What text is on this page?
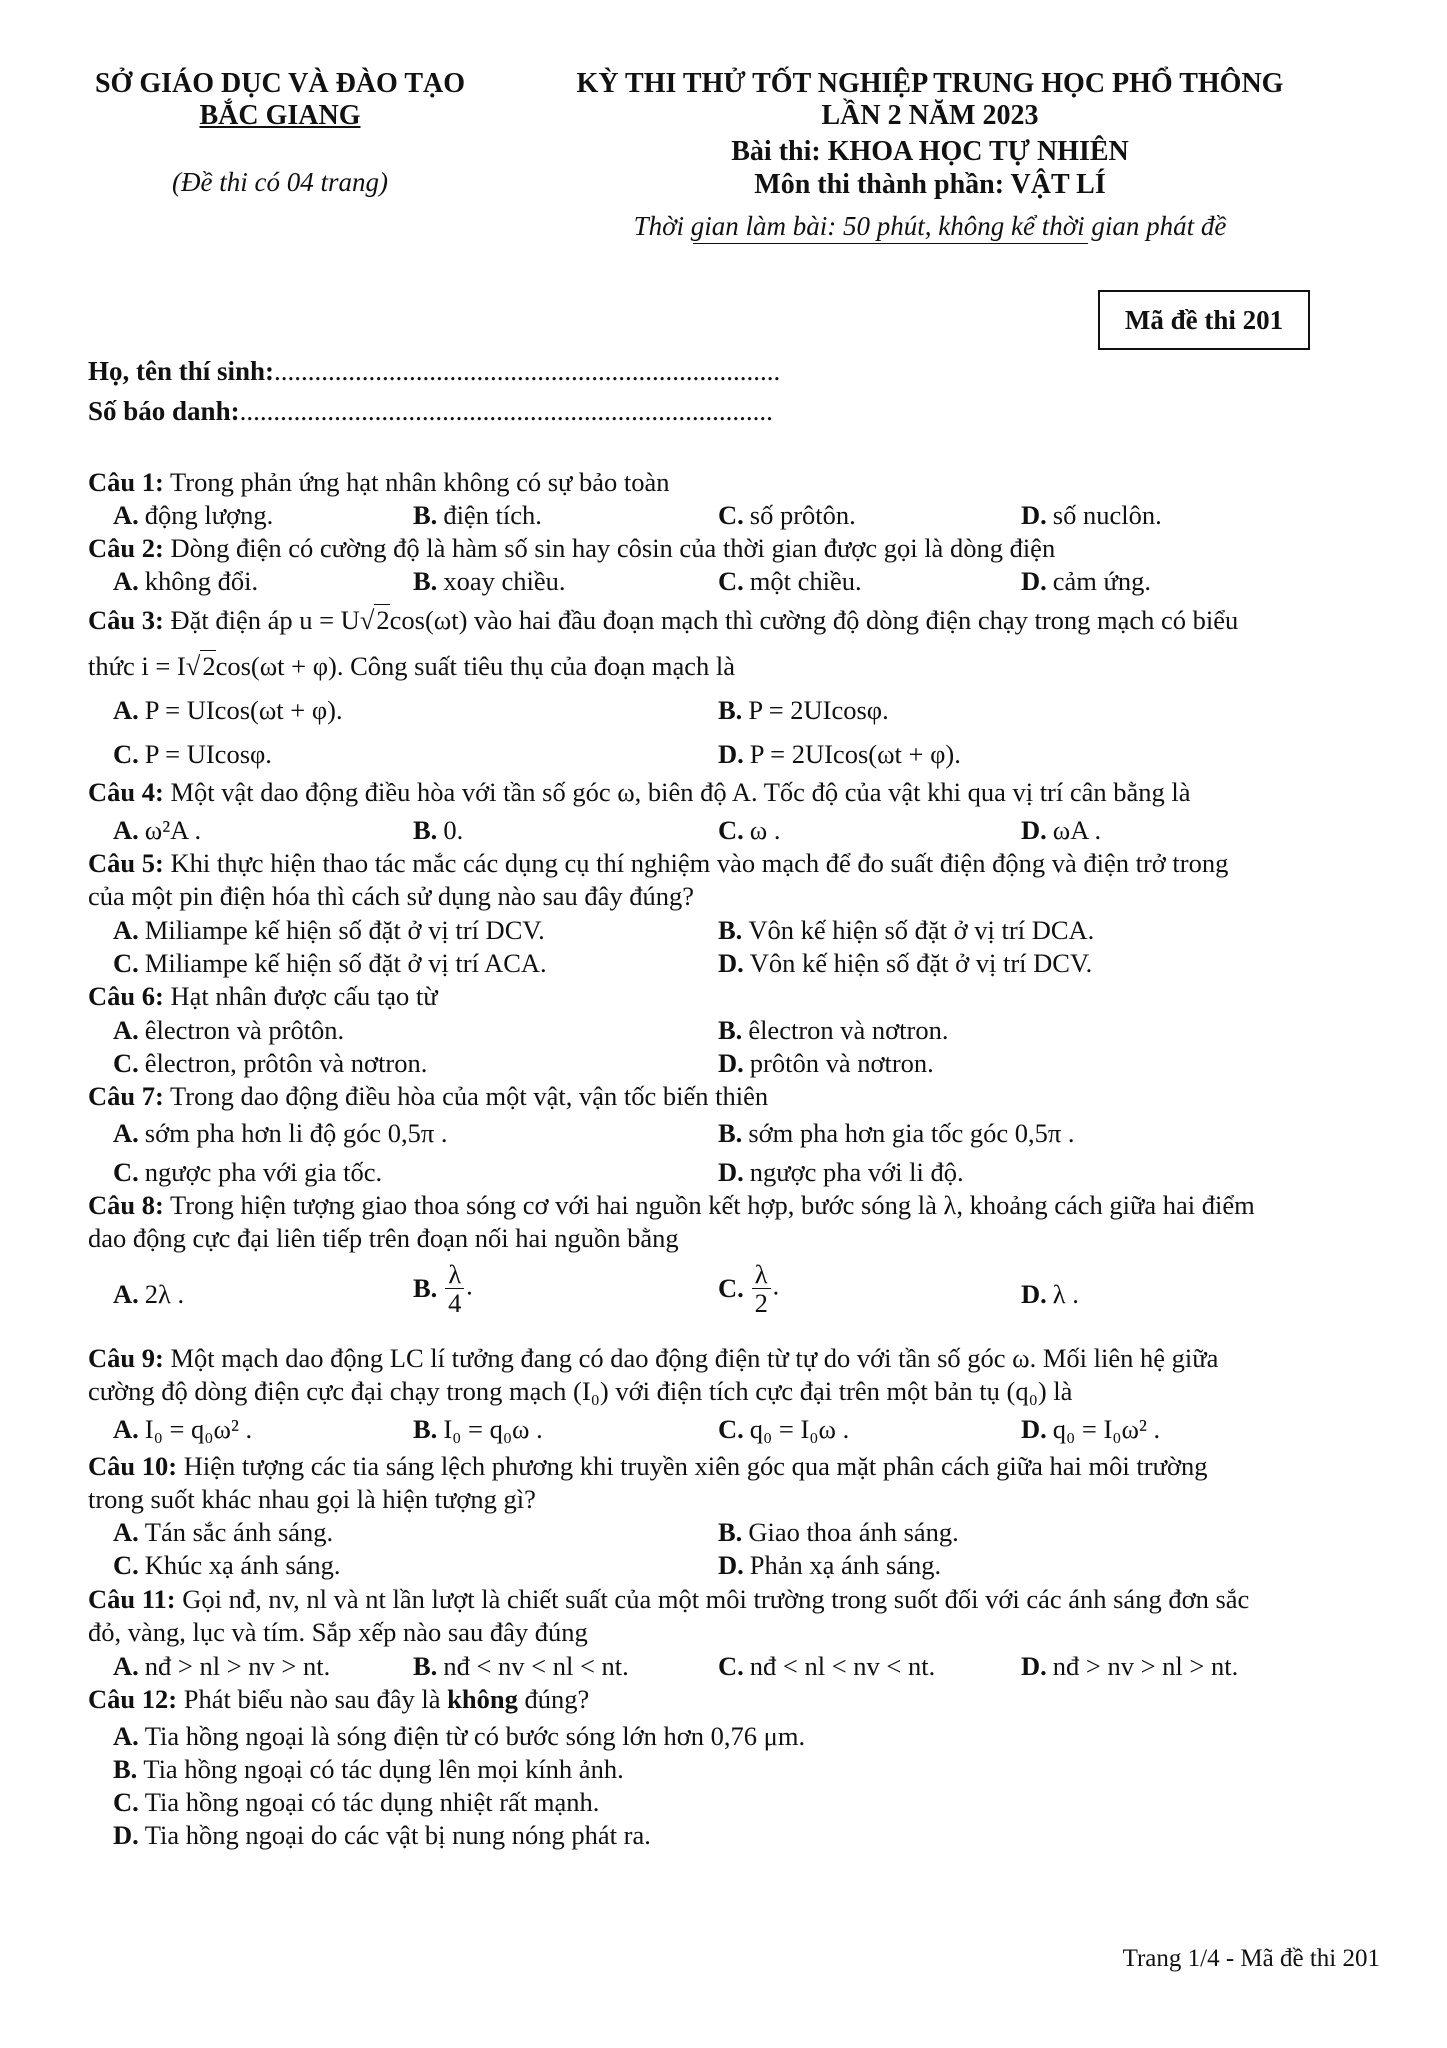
SỞ GIÁO DỤC VÀ ĐÀO TẠO
BẮC GIANG
(Đề thi có 04 trang)
KỲ THI THỬ TỐT NGHIỆP TRUNG HỌC PHỔ THÔNG
LẦN 2 NĂM 2023
Bài thi: KHOA HỌC TỰ NHIÊN
Môn thi thành phần: VẬT LÍ
Thời gian làm bài: 50 phút, không kể thời gian phát đề
Mã đề thi 201
Họ, tên thí sinh:...........................................................................
Số báo danh:...............................................................................
Câu 1: Trong phản ứng hạt nhân không có sự bảo toàn
A. động lượng.	B. điện tích.	C. số prôtôn.	D. số nuclôn.
Câu 2: Dòng điện có cường độ là hàm số sin hay côsin của thời gian được gọi là dòng điện
A. không đổi.	B. xoay chiều.	C. một chiều.	D. cảm ứng.
Câu 3: Đặt điện áp u = U√2cos(ωt) vào hai đầu đoạn mạch thì cường độ dòng điện chạy trong mạch có biểu
thức i = I√2cos(ωt + φ). Công suất tiêu thụ của đoạn mạch là
A. P = UIcos(ωt + φ).	B. P = 2UIcosφ.
C. P = UIcosφ.	D. P = 2UIcos(ωt + φ).
Câu 4: Một vật dao động điều hòa với tần số góc ω, biên độ A. Tốc độ của vật khi qua vị trí cân bằng là
A. ω²A .	B. 0.	C. ω .	D. ωA .
Câu 5: Khi thực hiện thao tác mắc các dụng cụ thí nghiệm vào mạch để đo suất điện động và điện trở trong
của một pin điện hóa thì cách sử dụng nào sau đây đúng?
A. Miliampe kế hiện số đặt ở vị trí DCV.	B. Vôn kế hiện số đặt ở vị trí DCA.
C. Miliampe kế hiện số đặt ở vị trí ACA.	D. Vôn kế hiện số đặt ở vị trí DCV.
Câu 6: Hạt nhân được cấu tạo từ
A. êlectron và prôtôn.	B. êlectron và nơtron.
C. êlectron, prôtôn và nơtron.	D. prôtôn và nơtron.
Câu 7: Trong dao động điều hòa của một vật, vận tốc biến thiên
A. sớm pha hơn li độ góc 0,5π .	B. sớm pha hơn gia tốc góc 0,5π .
C. ngược pha với gia tốc.	D. ngược pha với li độ.
Câu 8: Trong hiện tượng giao thoa sóng cơ với hai nguồn kết hợp, bước sóng là λ, khoảng cách giữa hai điểm
dao động cực đại liên tiếp trên đoạn nối hai nguồn bằng
A. 2λ .	B. $\frac{\lambda}{4}$ .	C. $\frac{\lambda}{2}$ .	D. λ .
Câu 9: Một mạch dao động LC lí tưởng đang có dao động điện từ tự do với tần số góc ω. Mối liên hệ giữa
cường độ dòng điện cực đại chạy trong mạch (I₀) với điện tích cực đại trên một bản tụ (q₀) là
A. I₀ = q₀ω² .	B. I₀ = q₀ω .	C. q₀ = I₀ω .	D. q₀ = I₀ω² .
Câu 10: Hiện tượng các tia sáng lệch phương khi truyền xiên góc qua mặt phân cách giữa hai môi trường
trong suốt khác nhau gọi là hiện tượng gì?
A. Tán sắc ánh sáng.	B. Giao thoa ánh sáng.
C. Khúc xạ ánh sáng.	D. Phản xạ ánh sáng.
Câu 11: Gọi nđ, nv, nl và nt lần lượt là chiết suất của một môi trường trong suốt đối với các ánh sáng đơn sắc
đỏ, vàng, lục và tím. Sắp xếp nào sau đây đúng
A. nđ > nl > nv > nt.	B. nđ < nv < nl < nt.	C. nđ < nl < nv < nt.	D. nđ > nv > nl > nt.
Câu 12: Phát biểu nào sau đây là không đúng?
A. Tia hồng ngoại là sóng điện từ có bước sóng lớn hơn 0,76 μm.
B. Tia hồng ngoại có tác dụng lên mọi kính ảnh.
C. Tia hồng ngoại có tác dụng nhiệt rất mạnh.
D. Tia hồng ngoại do các vật bị nung nóng phát ra.
Trang 1/4 - Mã đề thi 201
